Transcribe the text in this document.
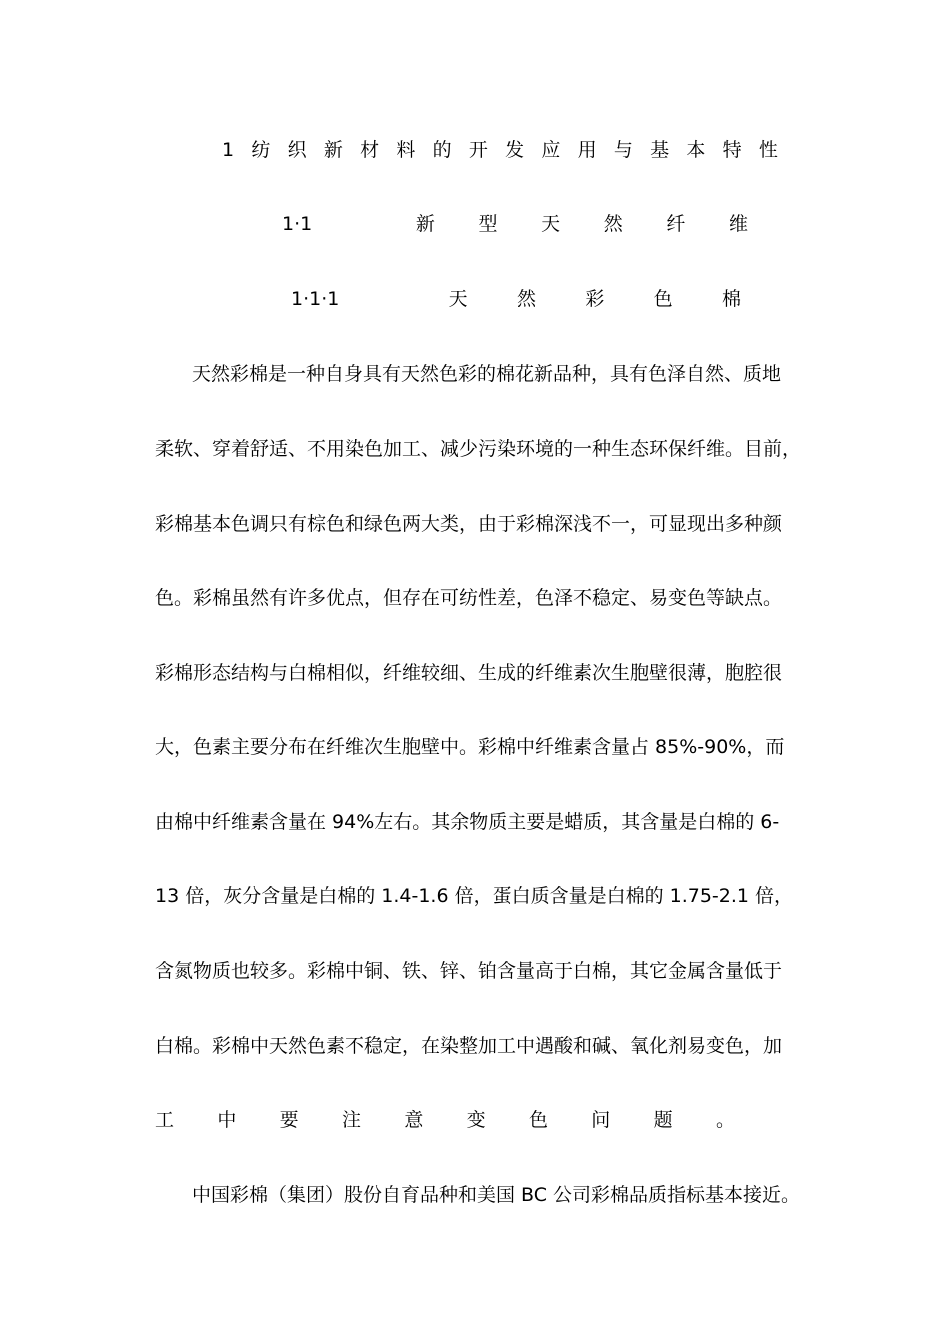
1 纺 织 新 材 料 的 开 发 应 用 与 基 本 特 性
1·1	新 型 天 然 纤 维
1·1·1	天	然	彩	色	棉
天然彩棉是一种自身具有天然色彩的棉花新品种，具有色泽自然、质地
柔软、穿着舒适、不用染色加工、减少污染环境的一种生态环保纤维。目前，
彩棉基本色调只有棕色和绿色两大类，由于彩棉深浅不一，可显现出多种颜
色。彩棉虽然有许多优点，但存在可纺性差，色泽不稳定、易变色等缺点。
彩棉形态结构与白棉相似，纤维较细、生成的纤维素次生胞壁很薄，胞腔很
大，色素主要分布在纤维次生胞壁中。彩棉中纤维素含量占 85%-90%，而
由棉中纤维素含量在 94%左右。其余物质主要是蜡质，其含量是白棉的 6-
13 倍，灰分含量是白棉的 1.4-1.6 倍，蛋白质含量是白棉的 1.75-2.1 倍，
含氮物质也较多。彩棉中铜、铁、锌、铂含量高于白棉，其它金属含量低于
白棉。彩棉中天然色素不稳定，在染整加工中遇酸和碱、氧化剂易变色，加
工 中 要 注 意 变 色 问 题 。
中国彩棉（集团）股份自育品种和美国 BC 公司彩棉品质指标基本接近。
